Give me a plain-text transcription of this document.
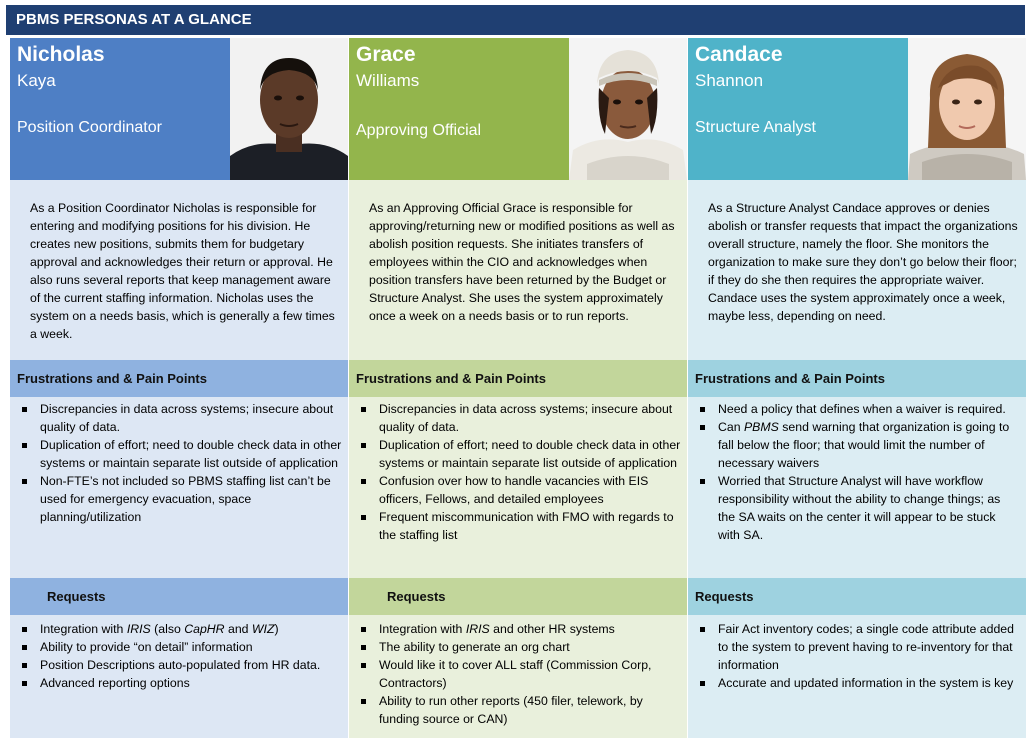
PBMS PERSONAS AT A GLANCE
Nicholas
Kaya
Position Coordinator
As a Position Coordinator Nicholas is responsible for entering and modifying positions for his division. He creates new positions, submits them for budgetary approval and acknowledges their return or approval. He also runs several reports that keep management aware of the current staffing information. Nicholas uses the system on a needs basis, which is generally a few times a week.
Frustrations and & Pain Points
Discrepancies in data across systems; insecure about quality of data.
Duplication of effort; need to double check data in other systems or maintain separate list outside of application
Non-FTE’s not included so PBMS staffing list can’t be used for emergency evacuation, space planning/utilization
Requests
Integration with IRIS (also CapHR and WIZ)
Ability to provide “on detail” information
Position Descriptions auto-populated from HR data.
Advanced reporting options
Grace
Williams
Approving Official
As an Approving Official Grace is responsible for approving/returning new or modified positions as well as abolish position requests. She initiates transfers of employees within the CIO and acknowledges when position transfers have been returned by the Budget or Structure Analyst. She uses the system approximately once a week on a needs basis or to run reports.
Frustrations and & Pain Points
Discrepancies in data across systems; insecure about quality of data.
Duplication of effort; need to double check data in other systems or maintain separate list outside of application
Confusion over how to handle vacancies with EIS officers, Fellows, and detailed employees
Frequent miscommunication with FMO with regards to the staffing list
Requests
Integration with IRIS and other HR systems
The ability to generate an org chart
Would like it to cover ALL staff (Commission Corp, Contractors)
Ability to run other reports (450 filer, telework, by funding source or CAN)
Candace
Shannon
Structure Analyst
As a Structure Analyst Candace approves or denies abolish or transfer requests that impact the organizations overall structure, namely the floor. She monitors the organization to make sure they don’t go below their floor; if they do she then requires the appropriate waiver. Candace uses the system approximately once a week, maybe less, depending on need.
Frustrations and & Pain Points
Need a policy that defines when a waiver is required.
Can PBMS send warning that organization is going to fall below the floor; that would limit the number of necessary waivers
Worried that Structure Analyst will have workflow responsibility without the ability to change things; as the SA waits on the center it will appear to be stuck with SA.
Requests
Fair Act inventory codes; a single code attribute added to the system to prevent having to re-inventory for that information
Accurate and updated information in the system is key
